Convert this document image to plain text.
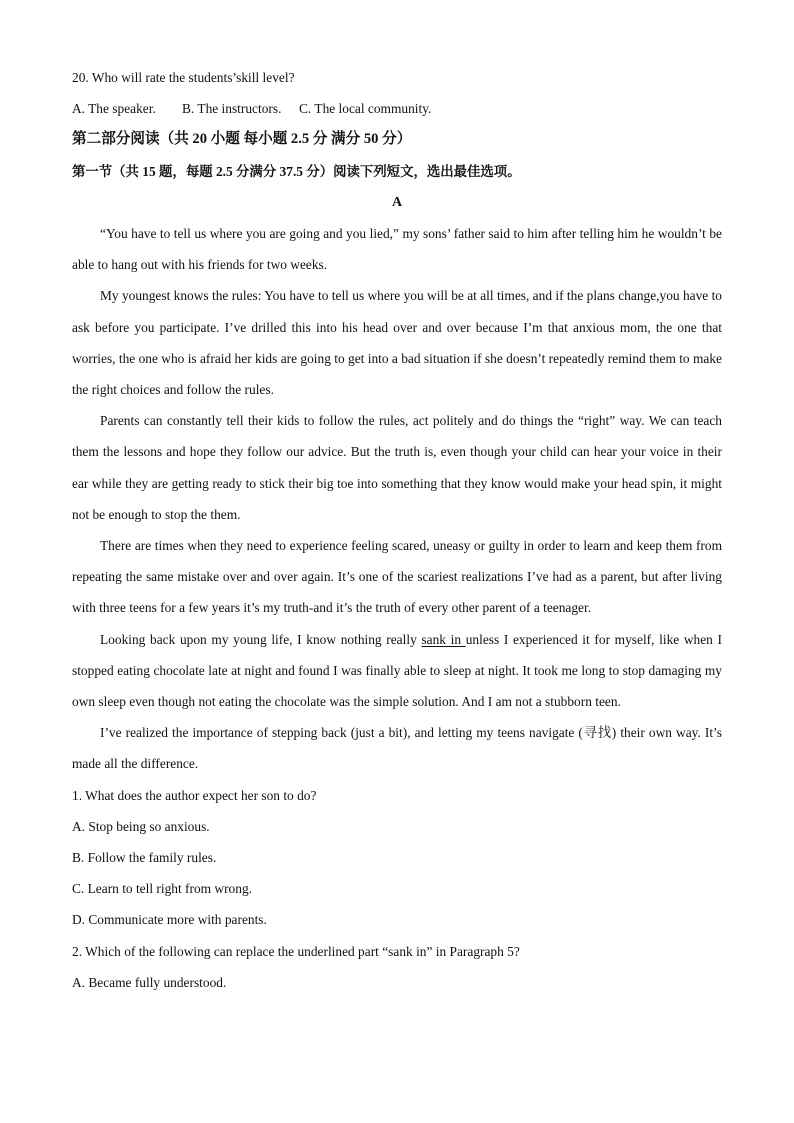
20. Who will rate the students’skill level?
A. The speaker. B. The instructors. C. The local community.
第二部分阅读（共 20 小题 每小题 2.5 分 满分 50 分）
第一节（共 15 题，每题 2.5 分满分 37.5 分）阅读下列短文，选出最佳选项。
A
“You have to tell us where you are going and you lied,” my sons’ father said to him after telling him he wouldn’t be able to hang out with his friends for two weeks.
My youngest knows the rules: You have to tell us where you will be at all times, and if the plans change,you have to ask before you participate. I’ve drilled this into his head over and over because I’m that anxious mom, the one that worries, the one who is afraid her kids are going to get into a bad situation if she doesn’t repeatedly remind them to make the right choices and follow the rules.
Parents can constantly tell their kids to follow the rules, act politely and do things the “right” way. We can teach them the lessons and hope they follow our advice. But the truth is, even though your child can hear your voice in their ear while they are getting ready to stick their big toe into something that they know would make your head spin, it might not be enough to stop the them.
There are times when they need to experience feeling scared, uneasy or guilty in order to learn and keep them from repeating the same mistake over and over again. It’s one of the scariest realizations I’ve had as a parent, but after living with three teens for a few years it’s my truth-and it’s the truth of every other parent of a teenager.
Looking back upon my young life, I know nothing really sank in unless I experienced it for myself, like when I stopped eating chocolate late at night and found I was finally able to sleep at night. It took me long to stop damaging my own sleep even though not eating the chocolate was the simple solution. And I am not a stubborn teen.
I’ve realized the importance of stepping back (just a bit), and letting my teens navigate (寻找) their own way. It’s made all the difference.
1. What does the author expect her son to do?
A. Stop being so anxious.
B. Follow the family rules.
C. Learn to tell right from wrong.
D. Communicate more with parents.
2. Which of the following can replace the underlined part “sank in” in Paragraph 5?
A. Became fully understood.
